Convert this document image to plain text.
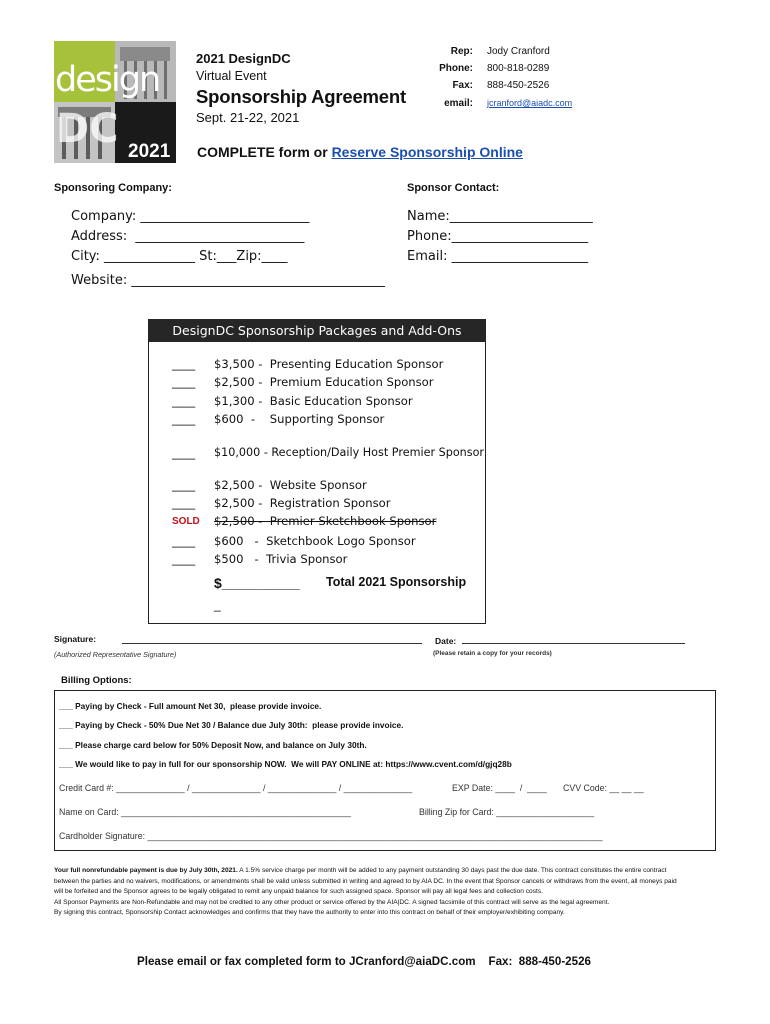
design
DC 2021
2021 DesignDC
Virtual Event
Sponsorship Agreement
Sept. 21-22, 2021
Rep: Jody Cranford
Phone: 800-818-0289
Fax: 888-450-2526
email: jcranford@aiadc.com
COMPLETE form or Reserve Sponsorship Online
Sponsoring Company:	Sponsor Contact:
Company: __________________________
Address:  __________________________
City: ______________ St:___Zip:____
Website: _______________________________________
Name:______________________
Phone:_____________________
Email: _____________________
DesignDC Sponsorship Packages and Add-Ons
____ $3,500 -  Presenting Education Sponsor
____ $2,500 -  Premium Education Sponsor
____ $1,300 -  Basic Education Sponsor
____ $600  -    Supporting Sponsor
____ $10,000 - Reception/Daily Host Premier Sponsor
____ $2,500 -  Website Sponsor
____ $2,500 -  Registration Sponsor
SOLD $2,500 -  Premier Sketchbook Sponsor
____ $600   -  Sketchbook Logo Sponsor
____ $500   -  Trivia Sponsor
$__________ Total 2021 Sponsorship
_
Signature:
(Authorized Representative Signature)
Date:
(Please retain a copy for your records)
Billing Options:
___ Paying by Check - Full amount Net 30,  please provide invoice.
___ Paying by Check - 50% Due Net 30 / Balance due July 30th:  please provide invoice.
___ Please charge card below for 50% Deposit Now, and balance on July 30th.
___ We would like to pay in full for our sponsorship NOW.  We will PAY ONLINE at: https://www.cvent.com/d/gjq28b
Credit Card #: ______________ / ______________ / ______________ / ______________	EXP Date: ____  /  ____ CVV Code: __ __ __
Name on Card: _______________________________________________	Billing Zip for Card: ____________________
Cardholder Signature: _____________________________________________________________________________________________
Your full nonrefundable payment is due by July 30th, 2021. A 1.5% service charge per month will be added to any payment outstanding 30 days past the due date. This contract constitutes the entire contract between the parties and no waivers, modifications, or amendments shall be valid unless submitted in writing and agreed to by AIA DC. In the event that Sponsor cancels or withdraws from the event, all moneys paid will be forfeited and the Sponsor agrees to be legally obligated to remit any unpaid balance for such assigned space. Sponsor will pay all legal fees and collection costs.
All Sponsor Payments are Non-Refundable and may not be credited to any other product or service offered by the AIA|DC. A signed facsimile of this contract will serve as the legal agreement.
By signing this contract, Sponsorship Contact acknowledges and confirms that they have the authority to enter into this contract on behalf of their employer/exhibiting company.
Please email or fax completed form to JCranford@aiaDC.com    Fax:  888-450-2526
